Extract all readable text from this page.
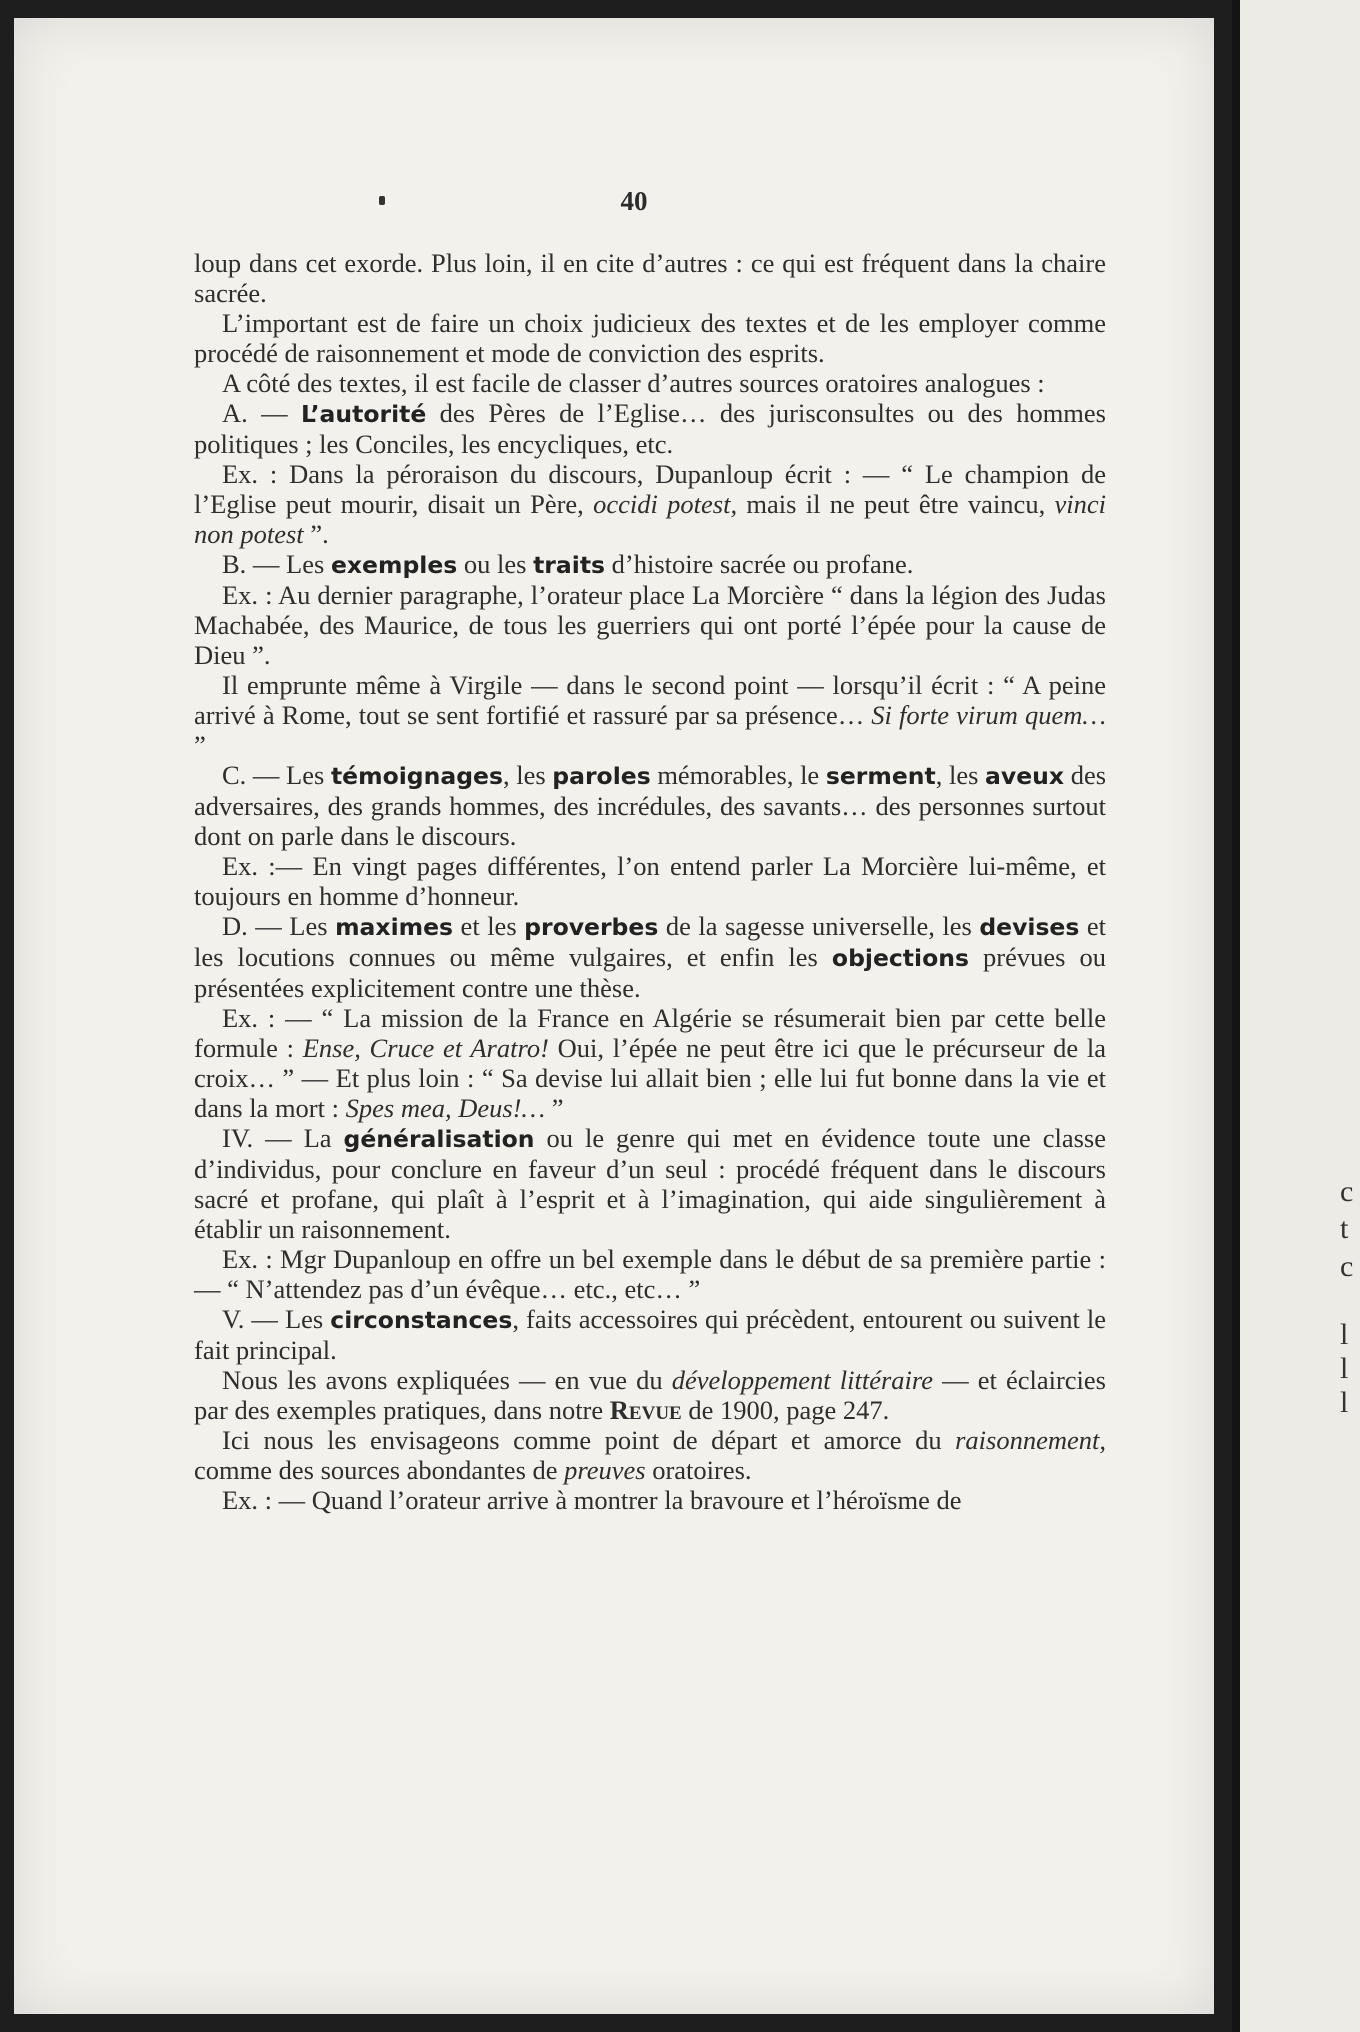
40

loup dans cet exorde. Plus loin, il en cite d’autres : ce qui est fréquent dans la chaire sacrée.

L’important est de faire un choix judicieux des textes et de les employer comme procédé de raisonnement et mode de conviction des esprits.

A côté des textes, il est facile de classer d’autres sources oratoires analogues :

A. — L’autorité des Pères de l’Eglise… des jurisconsultes ou des hommes politiques ; les Conciles, les encycliques, etc.

Ex. : Dans la péroraison du discours, Dupanloup écrit : — “ Le champion de l’Eglise peut mourir, disait un Père, occidi potest, mais il ne peut être vaincu, vinci non potest ”.

B. — Les exemples ou les traits d’histoire sacrée ou profane.

Ex. : Au dernier paragraphe, l’orateur place La Morcière “ dans la légion des Judas Machabée, des Maurice, de tous les guerriers qui ont porté l’épée pour la cause de Dieu ”.

Il emprunte même à Virgile — dans le second point — lorsqu’il écrit : “ A peine arrivé à Rome, tout se sent fortifié et rassuré par sa présence… Si forte virum quem… ”

C. — Les témoignages, les paroles mémorables, le serment, les aveux des adversaires, des grands hommes, des incrédules, des savants… des personnes surtout dont on parle dans le discours.

Ex. :— En vingt pages différentes, l’on entend parler La Morcière lui-même, et toujours en homme d’honneur.

D. — Les maximes et les proverbes de la sagesse universelle, les devises et les locutions connues ou même vulgaires, et enfin les objections prévues ou présentées explicitement contre une thèse.

Ex. : — “ La mission de la France en Algérie se résumerait bien par cette belle formule : Ense, Cruce et Aratro! Oui, l’épée ne peut être ici que le précurseur de la croix… ” — Et plus loin : “ Sa devise lui allait bien ; elle lui fut bonne dans la vie et dans la mort : Spes mea, Deus!… ”

IV. — La généralisation ou le genre qui met en évidence toute une classe d’individus, pour conclure en faveur d’un seul : procédé fréquent dans le discours sacré et profane, qui plaît à l’esprit et à l’imagination, qui aide singulièrement à établir un raisonnement.

Ex. : Mgr Dupanloup en offre un bel exemple dans le début de sa première partie : — “ N’attendez pas d’un évêque… etc., etc… ”

V. — Les circonstances, faits accessoires qui précèdent, entourent ou suivent le fait principal.

Nous les avons expliquées — en vue du développement littéraire — et éclaircies par des exemples pratiques, dans notre Revue de 1900, page 247.

Ici nous les envisageons comme point de départ et amorce du raisonnement, comme des sources abondantes de preuves oratoires.

Ex. : — Quand l’orateur arrive à montrer la bravoure et l’héroïsme de

c
t
c
l
l
l
